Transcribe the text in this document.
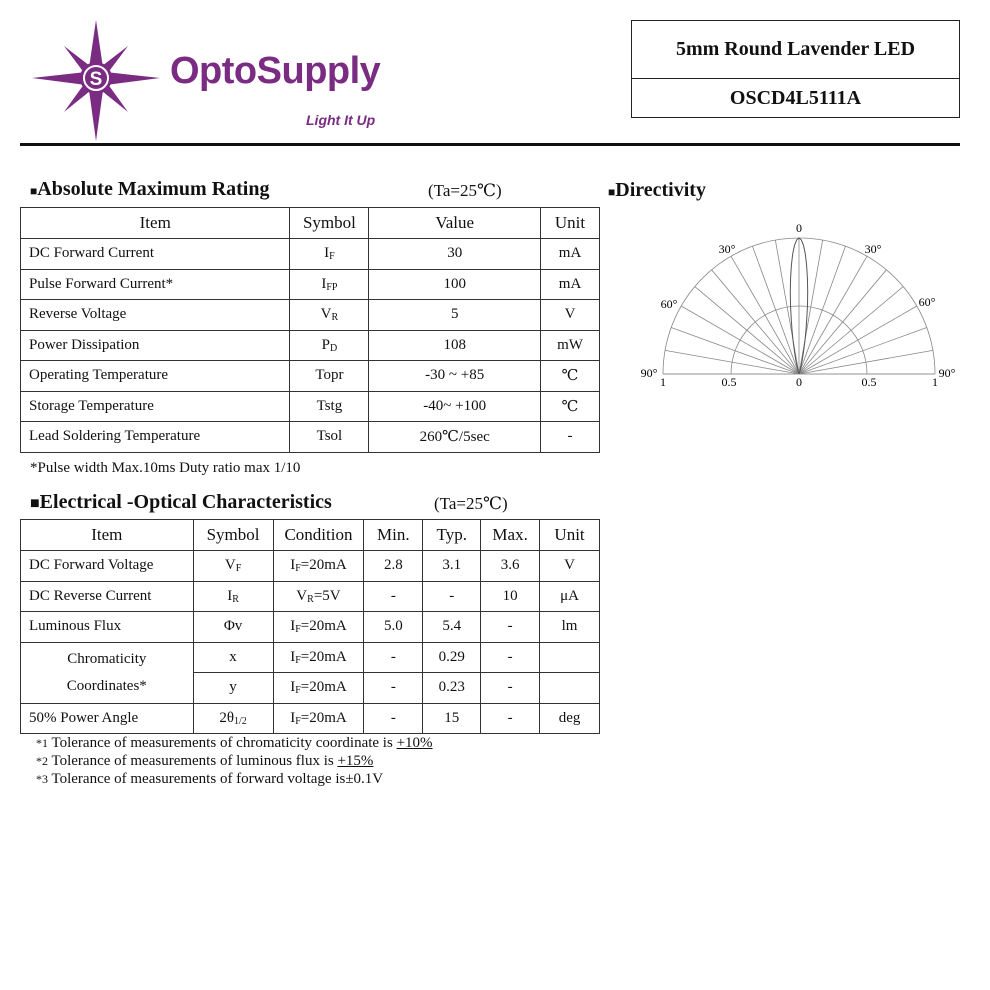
S OptoSupply
Light It Up
5mm Round Lavender LED
OSCD4L5111A
■Absolute Maximum Rating	(Ta=25℃)
Item	Symbol	Value	Unit
DC Forward Current	$I_F$	30	mA
Pulse Forward Current*	$I_{FP}$	100	mA
Reverse Voltage	$V_R$	5	V
Power Dissipation	$P_D$	108	mW
Operating Temperature	Topr	-30 ~ +85	℃
Storage Temperature	Tstg	-40~ +100	℃
Lead Soldering Temperature	Tsol	260℃/5sec	-
*Pulse width Max.10ms Duty ratio max 1/10
■Electrical -Optical Characteristics	(Ta=25℃)
Item	Symbol	Condition	Min.	Typ.	Max.	Unit
DC Forward Voltage	$V_F$	$I_F=20mA$	2.8	3.1	3.6	V
DC Reverse Current	$I_R$	$V_R=5V$	-	-	10	μA
Luminous Flux	Φv	$I_F=20mA$	5.0	5.4	-	lm
Chromaticity
Coordinates*	x	$I_F=20mA$	-	0.29	-	
	y	$I_F=20mA$	-	0.23	-	
50% Power Angle	$2\theta_{1/2}$	$I_F=20mA$	-	15	-	deg
*1 Tolerance of measurements of chromaticity coordinate is +10%
*2 Tolerance of measurements of luminous flux is +15%
*3 Tolerance of measurements of forward voltage is±0.1V
■Directivity
0
30°	30°
60°	60°
90°	90°
1	0.5	0	0.5	1
